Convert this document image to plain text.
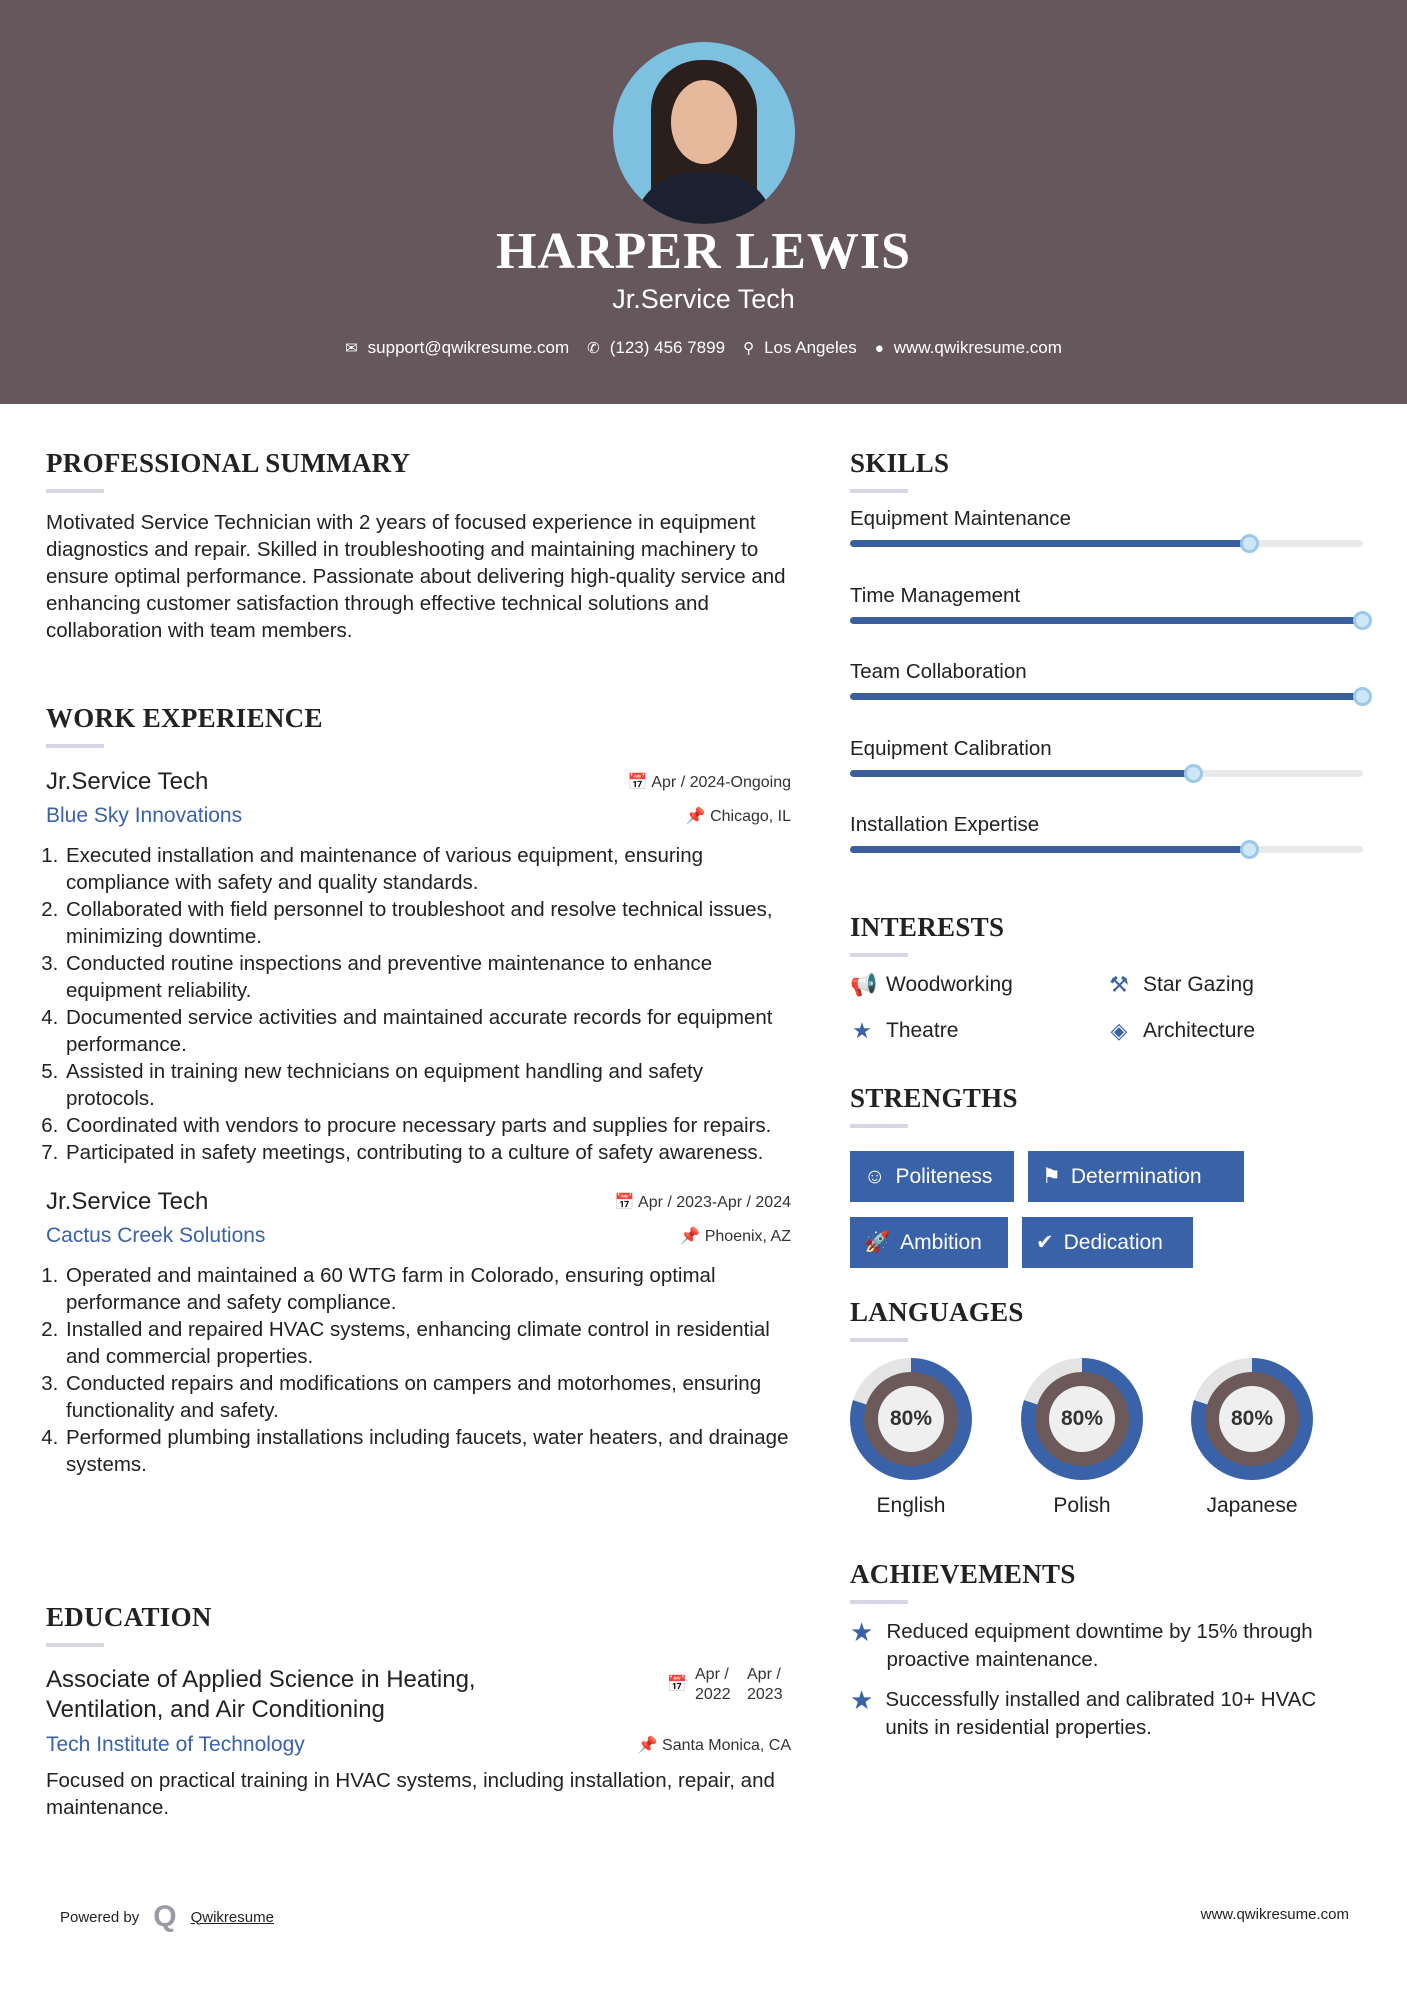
HARPER LEWIS
Jr.Service Tech
✉ support@qwikresume.com ✆ (123) 456 7899 ⚲ Los Angeles ● www.qwikresume.com
PROFESSIONAL SUMMARY
Motivated Service Technician with 2 years of focused experience in equipment diagnostics and repair. Skilled in troubleshooting and maintaining machinery to ensure optimal performance. Passionate about delivering high-quality service and enhancing customer satisfaction through effective technical solutions and collaboration with team members.
WORK EXPERIENCE
Jr.Service Tech	📅 Apr / 2024-Ongoing
Blue Sky Innovations	📌 Chicago, IL
1. Executed installation and maintenance of various equipment, ensuring compliance with safety and quality standards.
2. Collaborated with field personnel to troubleshoot and resolve technical issues, minimizing downtime.
3. Conducted routine inspections and preventive maintenance to enhance equipment reliability.
4. Documented service activities and maintained accurate records for equipment performance.
5. Assisted in training new technicians on equipment handling and safety protocols.
6. Coordinated with vendors to procure necessary parts and supplies for repairs.
7. Participated in safety meetings, contributing to a culture of safety awareness.
Jr.Service Tech	📅 Apr / 2023-Apr / 2024
Cactus Creek Solutions	📌 Phoenix, AZ
1. Operated and maintained a 60 WTG farm in Colorado, ensuring optimal performance and safety compliance.
2. Installed and repaired HVAC systems, enhancing climate control in residential and commercial properties.
3. Conducted repairs and modifications on campers and motorhomes, ensuring functionality and safety.
4. Performed plumbing installations including faucets, water heaters, and drainage systems.
EDUCATION
Associate of Applied Science in Heating, Ventilation, and Air Conditioning
📅
Apr / 2022
Apr / 2023
Tech Institute of Technology	📌 Santa Monica, CA
Focused on practical training in HVAC systems, including installation, repair, and maintenance.
SKILLS
Equipment Maintenance
Time Management
Team Collaboration
Equipment Calibration
Installation Expertise
INTERESTS
📢 Woodworking	⚒ Star Gazing
★ Theatre	◈ Architecture
STRENGTHS
☺ Politeness ⚑ Determination
🚀 Ambition	✔ Dedication
LANGUAGES
80%	80%	80%
English	Polish	Japanese
ACHIEVEMENTS
★ Reduced equipment downtime by 15% through proactive maintenance.
★ Successfully installed and calibrated 10+ HVAC units in residential properties.
Powered by Q Qwikresume	www.qwikresume.com
